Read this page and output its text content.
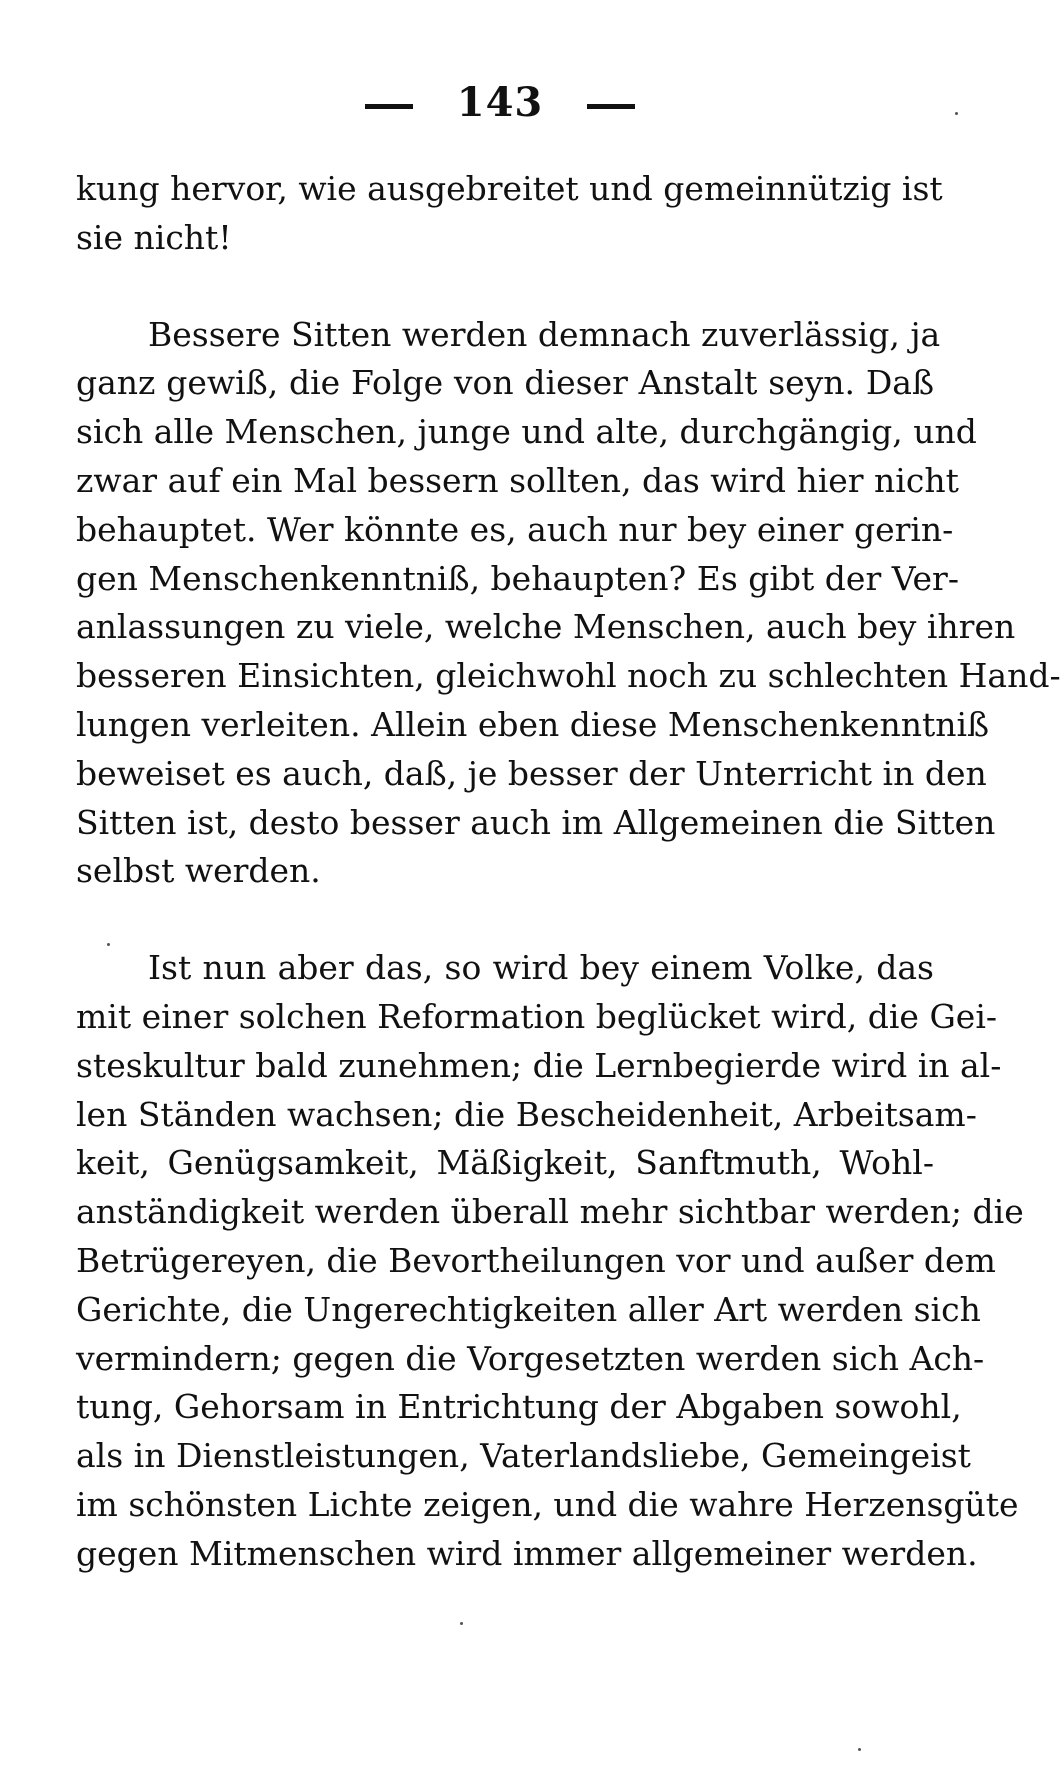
143
kung hervor, wie ausgebreitet und gemeinnützig ist
sie nicht!
Bessere Sitten werden demnach zuverlässig, ja
ganz gewiß, die Folge von dieser Anstalt seyn. Daß
sich alle Menschen, junge und alte, durchgängig, und
zwar auf ein Mal bessern sollten, das wird hier nicht
behauptet. Wer könnte es, auch nur bey einer gerin-
gen Menschenkenntniß, behaupten? Es gibt der Ver-
anlassungen zu viele, welche Menschen, auch bey ihren
besseren Einsichten, gleichwohl noch zu schlechten Hand-
lungen verleiten. Allein eben diese Menschenkenntniß
beweiset es auch, daß, je besser der Unterricht in den
Sitten ist, desto besser auch im Allgemeinen die Sitten
selbst werden.
Ist nun aber das, so wird bey einem Volke, das
mit einer solchen Reformation beglücket wird, die Gei-
steskultur bald zunehmen; die Lernbegierde wird in al-
len Ständen wachsen; die Bescheidenheit, Arbeitsam-
keit, Genügsamkeit, Mäßigkeit, Sanftmuth, Wohl-
anständigkeit werden überall mehr sichtbar werden; die
Betrügereyen, die Bevortheilungen vor und außer dem
Gerichte, die Ungerechtigkeiten aller Art werden sich
vermindern; gegen die Vorgesetzten werden sich Ach-
tung, Gehorsam in Entrichtung der Abgaben sowohl,
als in Dienstleistungen, Vaterlandsliebe, Gemeingeist
im schönsten Lichte zeigen, und die wahre Herzensgüte
gegen Mitmenschen wird immer allgemeiner werden.
